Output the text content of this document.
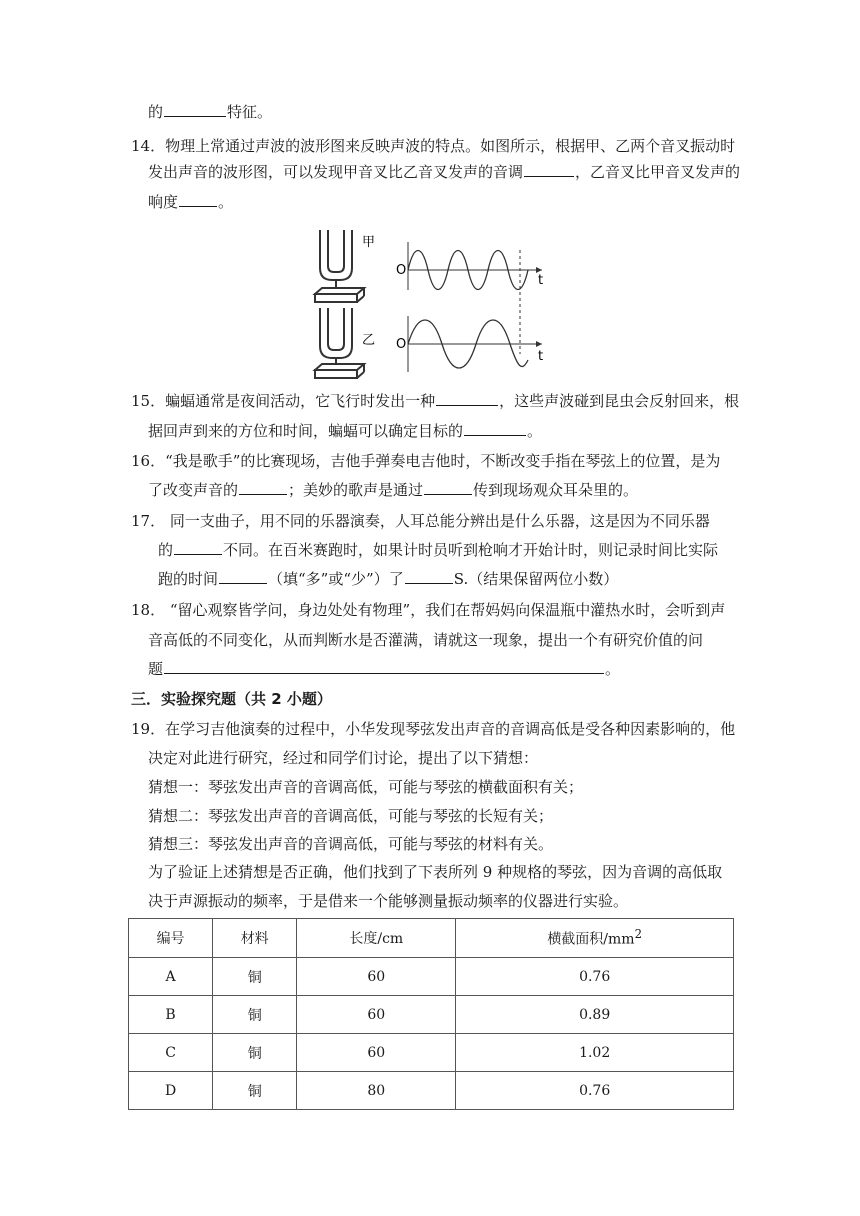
的	特征。
14．物理上常通过声波的波形图来反映声波的特点。如图所示，根据甲、乙两个音叉振动时
发出声音的波形图，可以发现甲音叉比乙音叉发声的音调	，乙音叉比甲音叉发声的
响度	。
甲
乙
O
t
O
t
15．蝙蝠通常是夜间活动，它飞行时发出一种	，这些声波碰到昆虫会反射回来，根
据回声到来的方位和时间，蝙蝠可以确定目标的	。
16．“我是歌手”的比赛现场，吉他手弹奏电吉他时，不断改变手指在琴弦上的位置，是为
了改变声音的	；美妙的歌声是通过	传到现场观众耳朵里的。
17． 同一支曲子，用不同的乐器演奏，人耳总能分辨出是什么乐器，这是因为不同乐器
的	不同。在百米赛跑时，如果计时员听到枪响才开始计时，则记录时间比实际
跑的时间	（填“多”或“少”）了	S.（结果保留两位小数）
18． “留心观察皆学问，身边处处有物理”，我们在帮妈妈向保温瓶中灌热水时，会听到声
音高低的不同变化，从而判断水是否灌满，请就这一现象，提出一个有研究价值的问
题	。
三．实验探究题（共 2 小题）
19．在学习吉他演奏的过程中，小华发现琴弦发出声音的音调高低是受各种因素影响的，他
决定对此进行研究，经过和同学们讨论，提出了以下猜想：
猜想一：琴弦发出声音的音调高低，可能与琴弦的横截面积有关；
猜想二：琴弦发出声音的音调高低，可能与琴弦的长短有关；
猜想三：琴弦发出声音的音调高低，可能与琴弦的材料有关。
为了验证上述猜想是否正确，他们找到了下表所列 9 种规格的琴弦，因为音调的高低取
决于声源振动的频率，于是借来一个能够测量振动频率的仪器进行实验。
编号	材料	长度/cm	横截面积$/mm^2$
A	铜	60	0.76
B	铜	60	0.89
C	铜	60	1.02
D	铜	80	0.76
